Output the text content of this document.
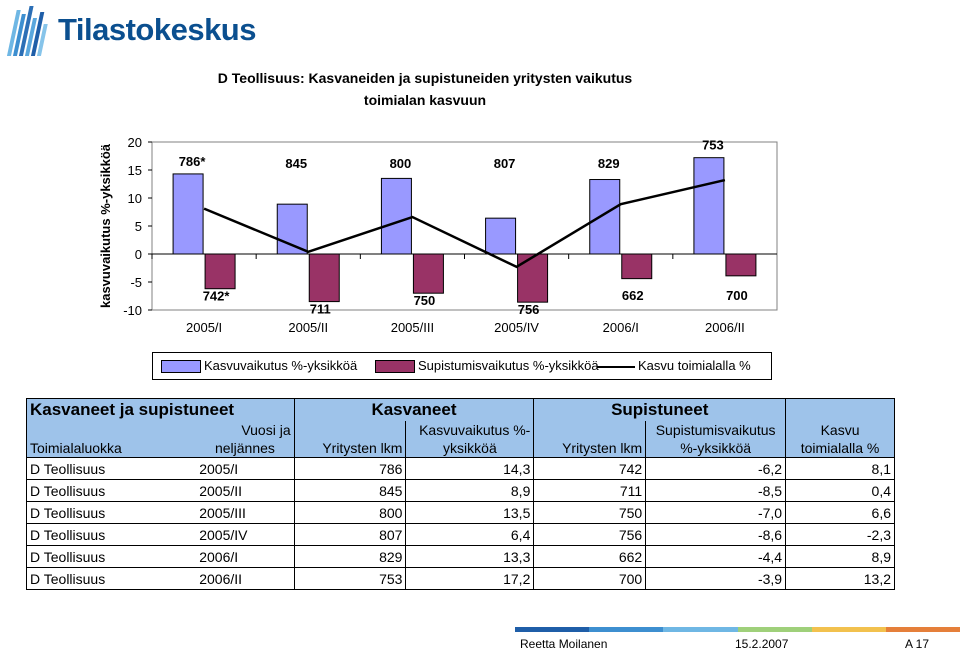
Tilastokeskus
D Teollisuus: Kasvaneiden ja supistuneiden yritysten vaikutus
toimialan kasvuun
20
15
10
5
0
-5
-10
kasvuvaikutus %-yksikköä	786*
742*
2005/I
845
711
2005/II
800
750
2005/III
807
756
2005/IV
829
662
2006/I
753
700
2006/II
Kasvuvaikutus %-yksikköä	Supistumisvaikutus %-yksikköä	Kasvu toimialalla %
Kasvaneet ja supistuneet		Kasvaneet		Supistuneet		
	Vuosi ja		Kasvuvaikutus %-		Supistumisvaikutus	Kasvu
Toimialaluokka	neljännes	Yritysten lkm	yksikköä	Yritysten lkm	%-yksikköä	toimialalla %
D Teollisuus	2005/I	786	14,3	742	-6,2	8,1
D Teollisuus	2005/II	845	8,9	711	-8,5	0,4
D Teollisuus	2005/III	800	13,5	750	-7,0	6,6
D Teollisuus	2005/IV	807	6,4	756	-8,6	-2,3
D Teollisuus	2006/I	829	13,3	662	-4,4	8,9
D Teollisuus	2006/II	753	17,2	700	-3,9	13,2
Reetta Moilanen	15.2.2007	A 17
